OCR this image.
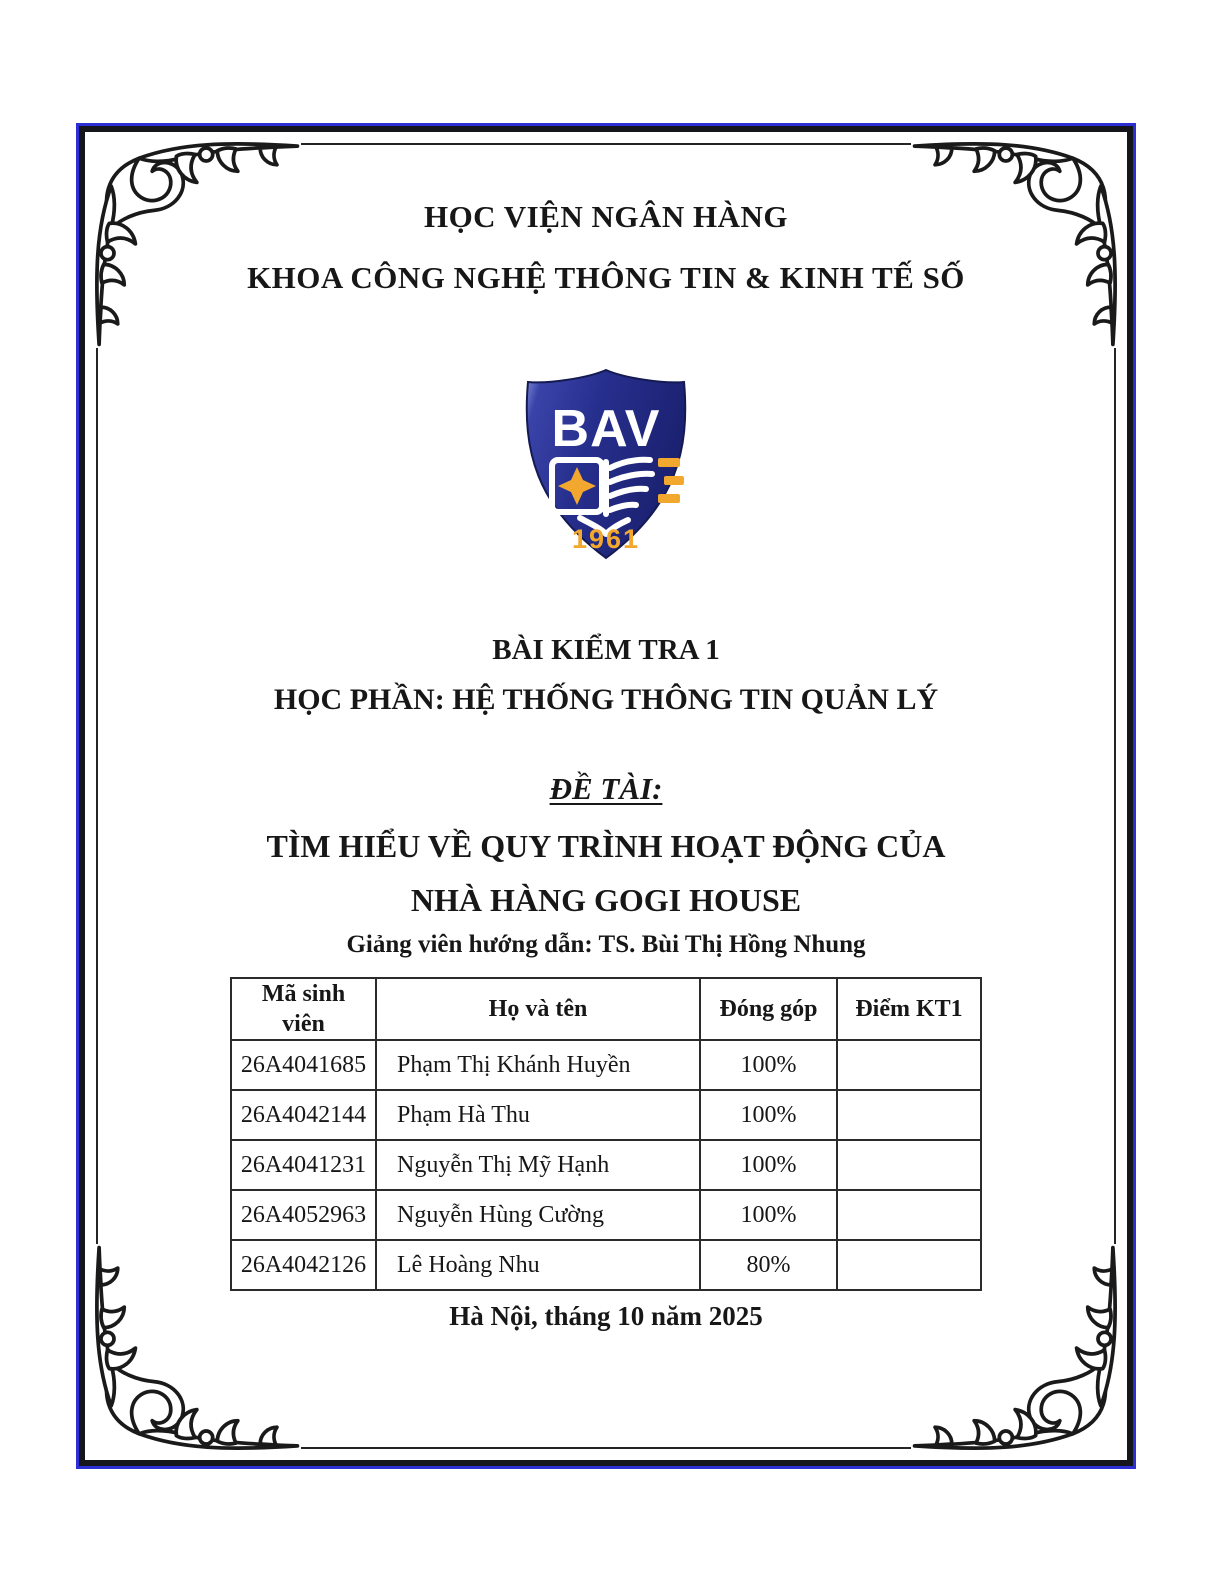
HỌC VIỆN NGÂN HÀNG
KHOA CÔNG NGHỆ THÔNG TIN & KINH TẾ SỐ
BAV
1961
BÀI KIỂM TRA 1
HỌC PHẦN: HỆ THỐNG THÔNG TIN QUẢN LÝ
ĐỀ TÀI:
TÌM HIỂU VỀ QUY TRÌNH HOẠT ĐỘNG CỦA
NHÀ HÀNG GOGI HOUSE
Giảng viên hướng dẫn: TS. Bùi Thị Hồng Nhung
Mã sinh viên	Họ và tên	Đóng góp	Điểm KT1
26A4041685	Phạm Thị Khánh Huyền	100%	
26A4042144	Phạm Hà Thu	100%	
26A4041231	Nguyễn Thị Mỹ Hạnh	100%	
26A4052963	Nguyễn Hùng Cường	100%	
26A4042126	Lê Hoàng Nhu	80%	
Hà Nội, tháng 10 năm 2025
